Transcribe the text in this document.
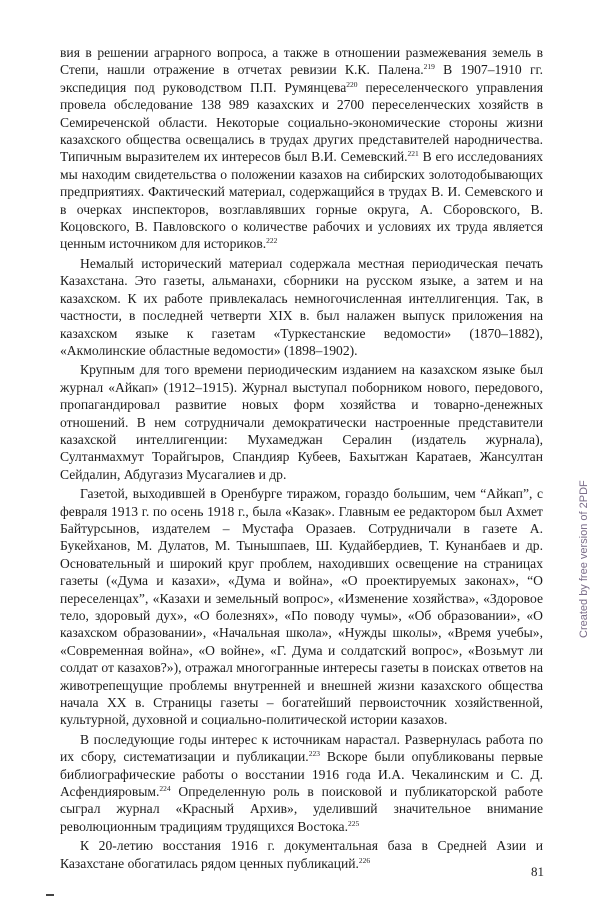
вия в решении аграрного вопроса, а также в отношении размежевания земель в Степи, нашли отражение в отчетах ревизии К.К. Палена.$^{219}$ В 1907–1910 гг. экспедиция под руководством П.П. Румянцева$^{220}$ переселенческого управления провела обследование 138 989 казахских и 2700 переселенческих хозяйств в Семиреченской области. Некоторые социально-экономические стороны жизни казахского общества освещались в трудах других представителей народничества. Типичным выразителем их интересов был В.И. Семевский.$^{221}$ В его исследованиях мы находим свидетельства о положении казахов на сибирских золотодобывающих предприятиях. Фактический материал, содержащийся в трудах В. И. Семевского и в очерках инспекторов, возглавлявших горные округа, А. Сборовского, В. Коцовского, В. Павловского о количестве рабочих и условиях их труда является ценным источником для историков.$^{222}$

Немалый исторический материал содержала местная периодическая печать Казахстана. Это газеты, альманахи, сборники на русском языке, а затем и на казахском. К их работе привлекалась немногочисленная интеллигенция. Так, в частности, в последней четверти XIX в. был налажен выпуск приложения на казахском языке к газетам «Туркестанские ведомости» (1870–1882), «Акмолинские областные ведомости» (1898–1902).

Крупным для того времени периодическим изданием на казахском языке был журнал «Айкап» (1912–1915). Журнал выступал поборником нового, передового, пропагандировал развитие новых форм хозяйства и товарно-денежных отношений. В нем сотрудничали демократически настроенные представители казахской интеллигенции: Мухамеджан Сералин (издатель журнала), Султанмахмут Торайгыров, Спандияр Кубеев, Бахытжан Каратаев, Жансултан Сейдалин, Абдугазиз Мусагалиев и др.

Газетой, выходившей в Оренбурге тиражом, гораздо большим, чем “Айкап”, с февраля 1913 г. по осень 1918 г., была «Казак». Главным ее редактором был Ахмет Байтурсынов, издателем – Мустафа Оразаев. Сотрудничали в газете А. Букейханов, М. Дулатов, М. Тынышпаев, Ш. Кудайбердиев, Т. Кунанбаев и др. Основательный и широкий круг проблем, находивших освещение на страницах газеты («Дума и казахи», «Дума и война», «О проектируемых законах», “О переселенцах”, «Казахи и земельный вопрос», «Изменение хозяйства», «Здоровое тело, здоровый дух», «О болезнях», «По поводу чумы», «Об образовании», «О казахском образовании», «Начальная школа», «Нужды школы», «Время учебы», «Современная война», «О войне», «Г. Дума и солдатский вопрос», «Возьмут ли солдат от казахов?»), отражал многогранные интересы газеты в поисках ответов на животрепещущие проблемы внутренней и внешней жизни казахского общества начала XX в. Страницы газеты – богатейший первоисточник хозяйственной, культурной, духовной и социально-политической истории казахов.

В последующие годы интерес к источникам нарастал. Развернулась работа по их сбору, систематизации и публикации.$^{223}$ Вскоре были опубликованы первые библиографические работы о восстании 1916 года И.А. Чекалинским и С. Д. Асфендияровым.$^{224}$ Определенную роль в поисковой и публикаторской работе сыграл журнал «Красный Архив», уделивший значительное внимание революционным традициям трудящихся Востока.$^{225}$

К 20-летию восстания 1916 г. документальная база в Средней Азии и Казахстане обогатилась рядом ценных публикаций.$^{226}$

Created by free version of 2PDF
81
